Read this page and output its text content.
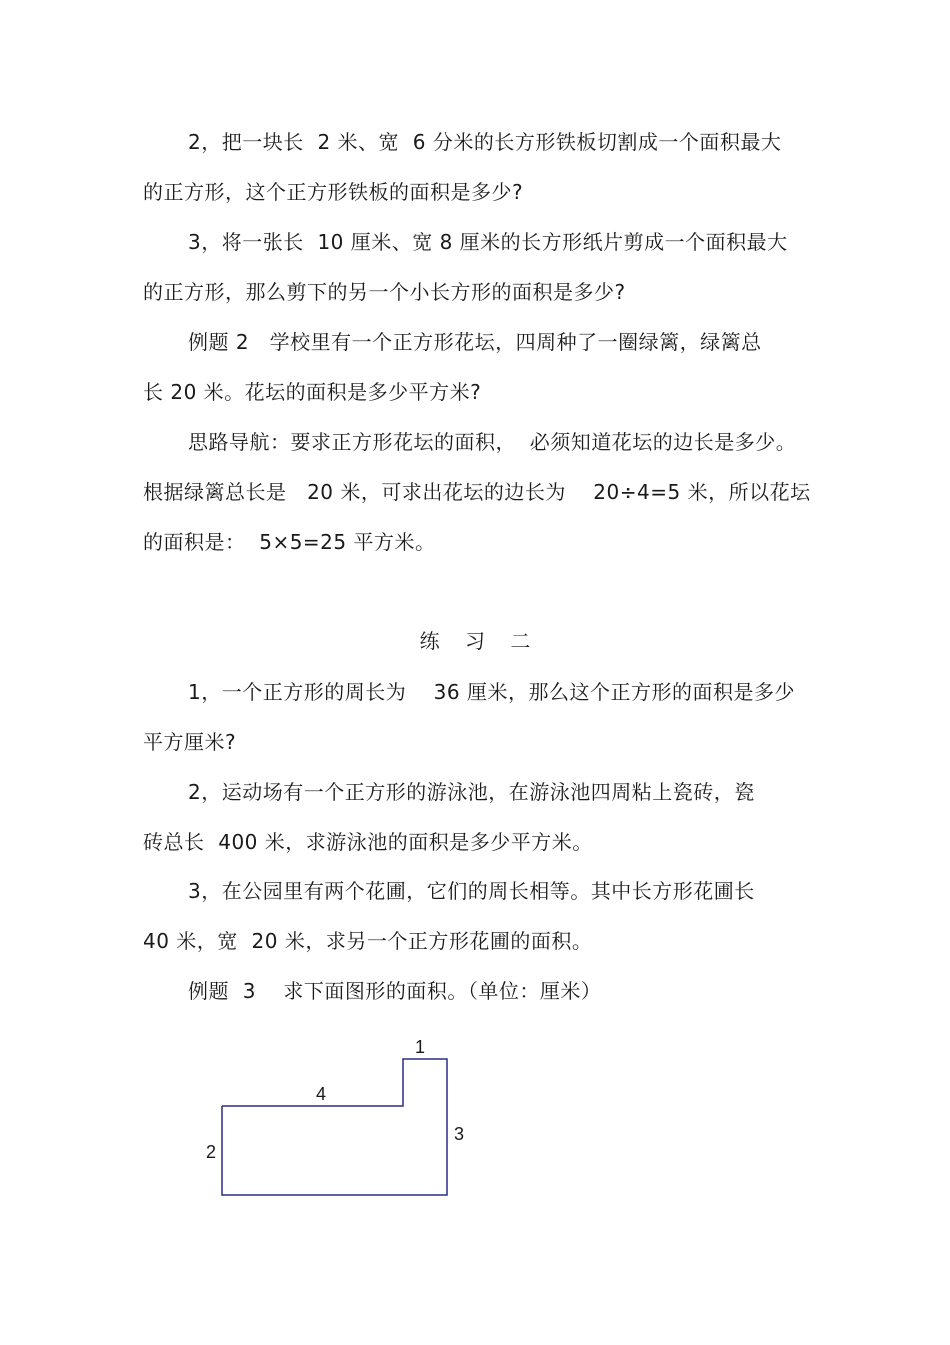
2，把一块长  2 米、宽  6 分米的长方形铁板切割成一个面积最大
的正方形，这个正方形铁板的面积是多少?
3，将一张长  10 厘米、宽 8 厘米的长方形纸片剪成一个面积最大
的正方形，那么剪下的另一个小长方形的面积是多少?
例题 2   学校里有一个正方形花坛，四周种了一圈绿篱，绿篱总
长 20 米。花坛的面积是多少平方米?
思路导航：要求正方形花坛的面积，  必须知道花坛的边长是多少。
根据绿篱总长是   20 米，可求出花坛的边长为    20÷4=5 米，所以花坛
的面积是：  5×5=25 平方米。
练    习    二
1，一个正方形的周长为    36 厘米，那么这个正方形的面积是多少
平方厘米?
2，运动场有一个正方形的游泳池，在游泳池四周粘上瓷砖，瓷
砖总长  400 米，求游泳池的面积是多少平方米。
3，在公园里有两个花圃，它们的周长相等。其中长方形花圃长
40 米，宽  20 米，求另一个正方形花圃的面积。
例题  3    求下面图形的面积。（单位：厘米）
1
4
2
3
